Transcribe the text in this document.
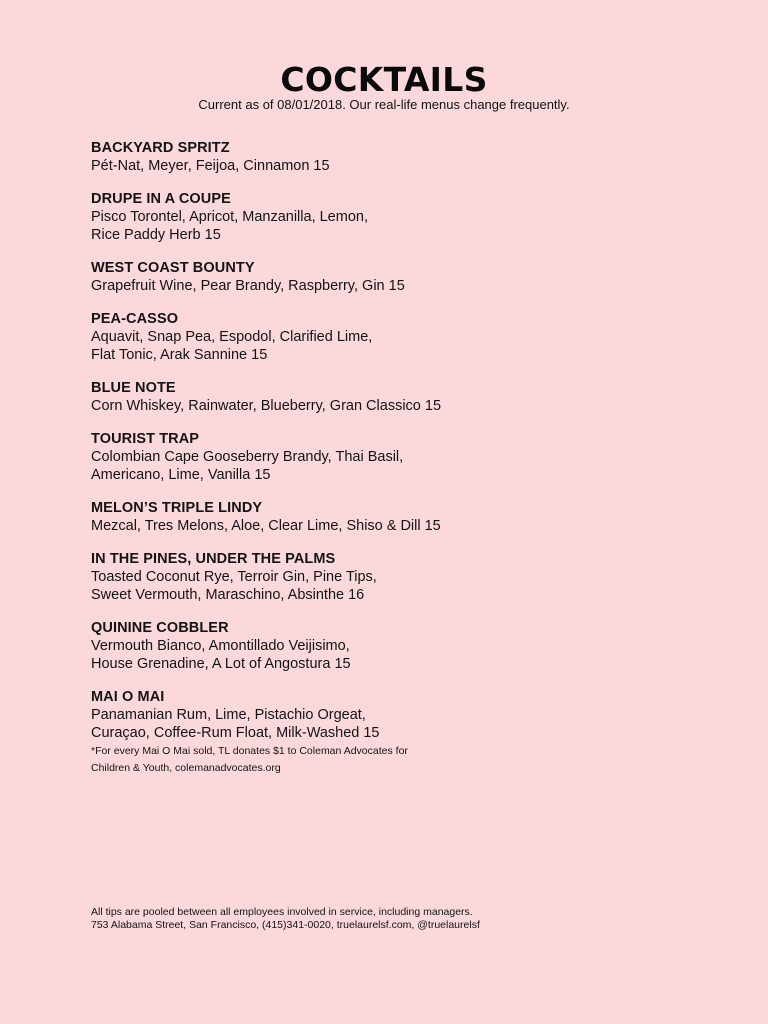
COCKTAILS
Current as of 08/01/2018. Our real-life menus change frequently.
BACKYARD SPRITZ
Pét-Nat, Meyer, Feijoa, Cinnamon 15
DRUPE IN A COUPE
Pisco Torontel, Apricot, Manzanilla, Lemon,
Rice Paddy Herb 15
WEST COAST BOUNTY
Grapefruit Wine, Pear Brandy, Raspberry, Gin 15
PEA-CASSO
Aquavit, Snap Pea, Espodol, Clarified Lime,
Flat Tonic, Arak Sannine 15
BLUE NOTE
Corn Whiskey, Rainwater, Blueberry, Gran Classico 15
TOURIST TRAP
Colombian Cape Gooseberry Brandy, Thai Basil,
Americano, Lime, Vanilla 15
MELON’S TRIPLE LINDY
Mezcal, Tres Melons, Aloe, Clear Lime, Shiso & Dill 15
IN THE PINES, UNDER THE PALMS
Toasted Coconut Rye, Terroir Gin, Pine Tips,
Sweet Vermouth, Maraschino, Absinthe 16
QUININE COBBLER
Vermouth Bianco, Amontillado Veijisimo,
House Grenadine, A Lot of Angostura 15
MAI O MAI
Panamanian Rum, Lime, Pistachio Orgeat,
Curaçao, Coffee-Rum Float, Milk-Washed 15
*For every Mai O Mai sold, TL donates $1 to Coleman Advocates for
Children & Youth, colemanadvocates.org
All tips are pooled between all employees involved in service, including managers.
753 Alabama Street, San Francisco, (415)341-0020, truelaurelsf.com, @truelaurelsf
